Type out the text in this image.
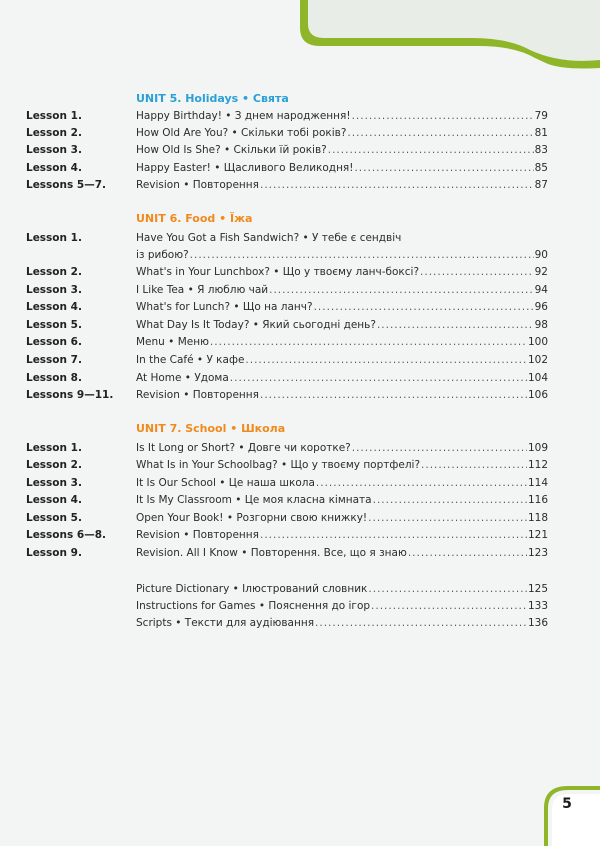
5
UNIT 5. Holidays • Свята
Lesson 1.	Happy Birthday! • З днем народження! .....	79
Lesson 2.	How Old Are You? • Скільки тобі років? .....	81
Lesson 3.	How Old Is She? • Скільки їй років? .....	83
Lesson 4.	Happy Easter! • Щасливого Великодня! .....	85
Lessons 5—7.	Revision • Повторення .....	87
UNIT 6. Food • Їжа
Lesson 1.	Have You Got a Fish Sandwich? • У тебе є сендвіч
із рибою? .....	90
Lesson 2.	What's in Your Lunchbox? • Що у твоєму ланч-боксі? .....	92
Lesson 3.	I Like Tea • Я люблю чай .....	94
Lesson 4.	What's for Lunch? • Що на ланч? .....	96
Lesson 5.	What Day Is It Today? • Який сьогодні день? .....	98
Lesson 6.	Menu • Меню .....	100
Lesson 7.	In the Café • У кафе .....	102
Lesson 8.	At Home • Удома .....	104
Lessons 9—11.	Revision • Повторення .....	106
UNIT 7. School • Школа
Lesson 1.	Is It Long or Short? • Довге чи коротке? .....	109
Lesson 2.	What Is in Your Schoolbag? • Що у твоєму портфелі? .....	112
Lesson 3.	It Is Our School • Це наша школа .....	114
Lesson 4.	It Is My Classroom • Це моя класна кімната .....	116
Lesson 5.	Open Your Book! • Розгорни свою книжку! .....	118
Lessons 6—8.	Revision • Повторення .....	121
Lesson 9.	Revision. All I Know • Повторення. Все, що я знаю .....	123
Picture Dictionary • Ілюстрований словник .....	125
Instructions for Games • Пояснення до ігор .....	133
Scripts • Тексти для аудіювання .....	136
